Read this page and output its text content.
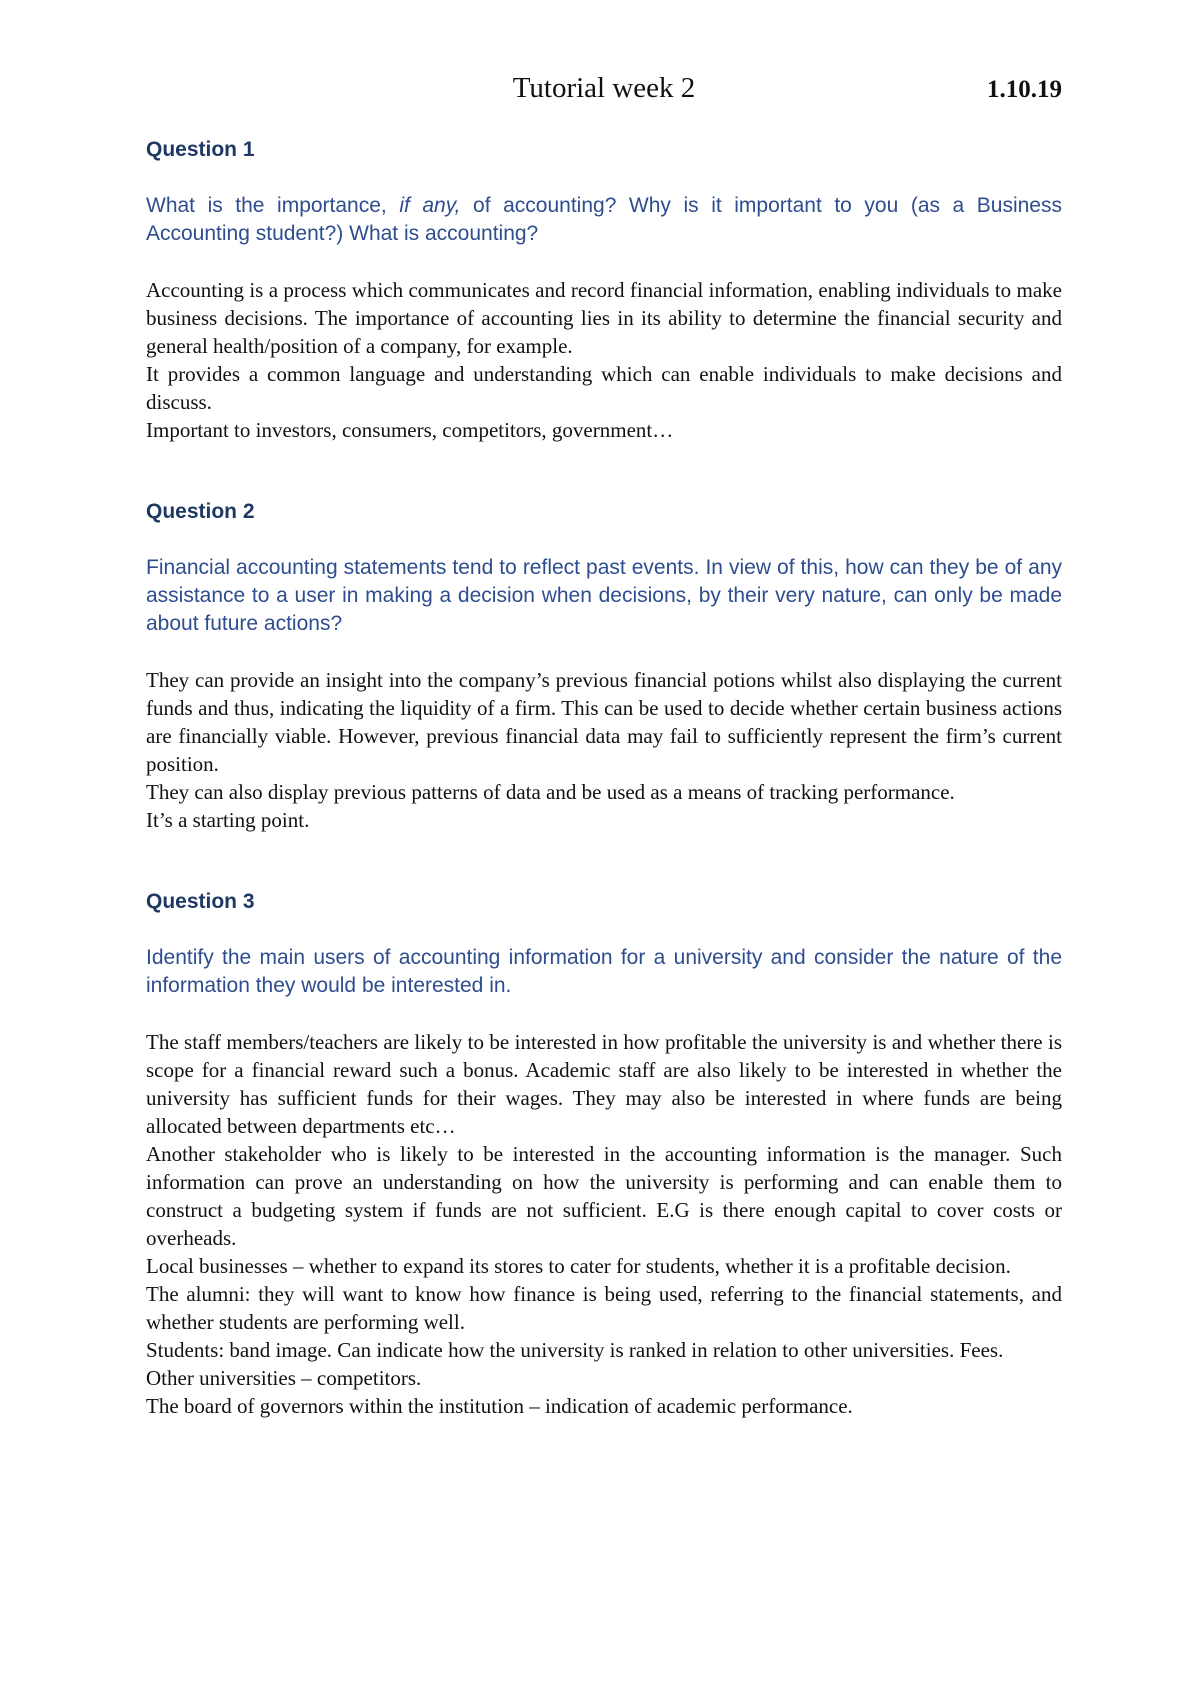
Tutorial week 2	1.10.19

Question 1

What is the importance, if any, of accounting? Why is it important to you (as a Business Accounting student?) What is accounting?

Accounting is a process which communicates and record financial information, enabling individuals to make business decisions. The importance of accounting lies in its ability to determine the financial security and general health/position of a company, for example.

It provides a common language and understanding which can enable individuals to make decisions and discuss.

Important to investors, consumers, competitors, government…

Question 2

Financial accounting statements tend to reflect past events. In view of this, how can they be of any assistance to a user in making a decision when decisions, by their very nature, can only be made about future actions?

They can provide an insight into the company’s previous financial potions whilst also displaying the current funds and thus, indicating the liquidity of a firm. This can be used to decide whether certain business actions are financially viable. However, previous financial data may fail to sufficiently represent the firm’s current position.

They can also display previous patterns of data and be used as a means of tracking performance.

It’s a starting point.

Question 3

Identify the main users of accounting information for a university and consider the nature of the information they would be interested in.

The staff members/teachers are likely to be interested in how profitable the university is and whether there is scope for a financial reward such a bonus. Academic staff are also likely to be interested in whether the university has sufficient funds for their wages. They may also be interested in where funds are being allocated between departments etc…

Another stakeholder who is likely to be interested in the accounting information is the manager. Such information can prove an understanding on how the university is performing and can enable them to construct a budgeting system if funds are not sufficient. E.G is there enough capital to cover costs or overheads.

Local businesses – whether to expand its stores to cater for students, whether it is a profitable decision.

The alumni: they will want to know how finance is being used, referring to the financial statements, and whether students are performing well.

Students: band image. Can indicate how the university is ranked in relation to other universities. Fees.

Other universities – competitors.

The board of governors within the institution – indication of academic performance.
